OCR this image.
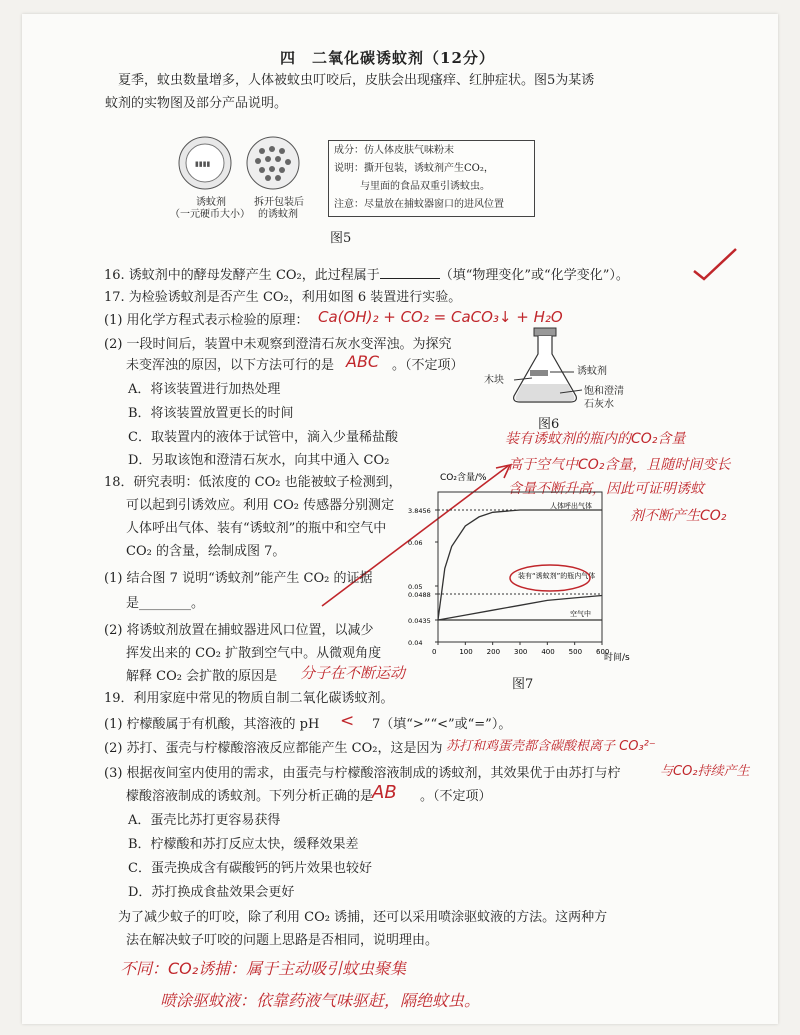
四　二氧化碳诱蚊剂（12分）
夏季，蚊虫数量增多，人体被蚊虫叮咬后，皮肤会出现瘙痒、红肿症状。图5为某诱
蚊剂的实物图及部分产品说明。
▮▮▮▮
诱蚊剂
（一元硬币大小）
拆开包装后
的诱蚊剂
成分：仿人体皮肤气味粉末
说明：撕开包装，诱蚊剂产生CO₂，
与里面的食品双重引诱蚊虫。
注意：尽量放在捕蚊器窗口的进风位置
图5
16. 诱蚊剂中的酵母发酵产生 CO₂，此过程属于	（填“物理变化”或“化学变化”）。
17. 为检验诱蚊剂是否产生 CO₂，利用如图 6 装置进行实验。
(1) 用化学方程式表示检验的原理： Ca(OH)₂ + CO₂ = CaCO₃↓ + H₂O
(2) 一段时间后，装置中未观察到澄清石灰水变浑浊。为探究
未变浑浊的原因，以下方法可行的是 ABC 。（不定项）
A．将该装置进行加热处理
B．将该装置放置更长的时间
C．取装置内的液体于试管中，滴入少量稀盐酸
D．另取该饱和澄清石灰水，向其中通入 CO₂
诱蚊剂
木块
饱和澄清
石灰水
图6
装有诱蚊剂的瓶内的CO₂含量
高于空气中CO₂含量，且随时间变长
含量不断升高，因此可证明诱蚊
剂不断产生CO₂
18．研究表明：低浓度的 CO₂ 也能被蚊子检测到，
可以起到引诱效应。利用 CO₂ 传感器分别测定
人体呼出气体、装有“诱蚊剂”的瓶中和空气中
CO₂ 的含量，绘制成图 7。
(1) 结合图 7 说明“诱蚊剂”能产生 CO₂ 的证据
是________。
(2) 将诱蚊剂放置在捕蚊器进风口位置，以减少
挥发出来的 CO₂ 扩散到空气中。从微观角度
解释 CO₂ 会扩散的原因是 分子在不断运动
CO₂含量/%
时间/s
0	100 200 300 400 500 600
0.04
0.0435
0.0488
0.05
0.06
3.8456
人体呼出气体
装有“诱蚊剂”的瓶内气体
空气中
图7
19．利用家庭中常见的物质自制二氧化碳诱蚊剂。
(1) 柠檬酸属于有机酸，其溶液的 pH < 7（填“>”“<”或“=”）。
(2) 苏打、蛋壳与柠檬酸溶液反应都能产生 CO₂，这是因为 苏打和鸡蛋壳都含碳酸根离子 CO₃²⁻
(3) 根据夜间室内使用的需求，由蛋壳与柠檬酸溶液制成的诱蚊剂，其效果优于由苏打与柠	与CO₂持续产生
檬酸溶液制成的诱蚊剂。下列分析正确的是
AB 。（不定项）
A．蛋壳比苏打更容易获得
B．柠檬酸和苏打反应太快，缓释效果差
C．蛋壳换成含有碳酸钙的钙片效果也较好
D．苏打换成食盐效果会更好
为了减少蚊子的叮咬，除了利用 CO₂ 诱捕，还可以采用喷涂驱蚊液的方法。这两种方
法在解决蚊子叮咬的问题上思路是否相同，说明理由。
不同：CO₂诱捕：属于主动吸引蚊虫聚集
喷涂驱蚊液：依靠药液气味驱赶，隔绝蚊虫。
